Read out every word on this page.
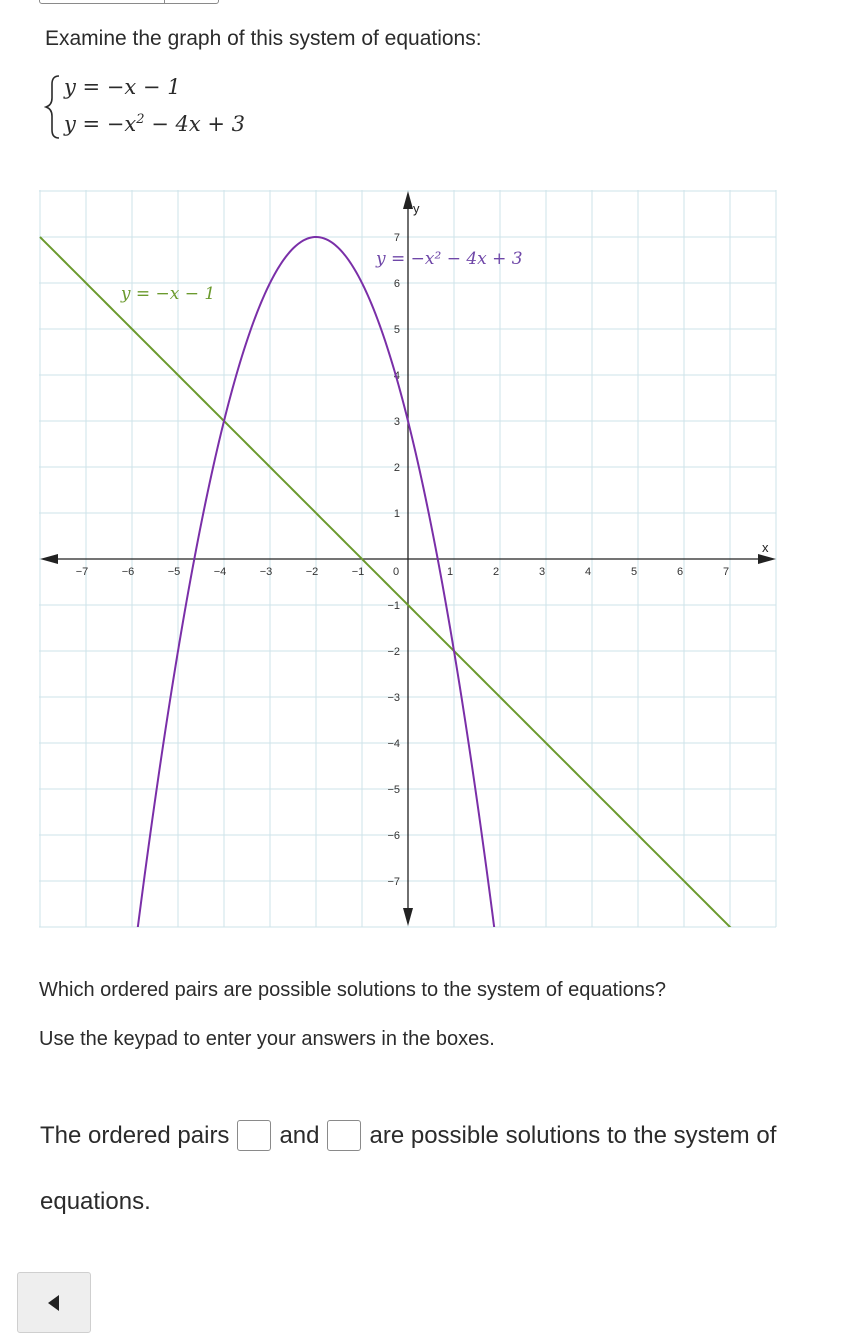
Examine the graph of this system of equations:
y = −x − 1
$y = -x^2 - 4x + 3$
x
y
−7	−6	−5	−4	−3	−2	−1	0	1	2	3	4	5	6	7
7
6
5
4
3
2
1
−1
−2
−3
−4
−5
−6
−7
y = −x − 1
y = −x² − 4x + 3
Which ordered pairs are possible solutions to the system of equations?
Use the keypad to enter your answers in the boxes.
The ordered pairs and are possible solutions to the system of
equations.
